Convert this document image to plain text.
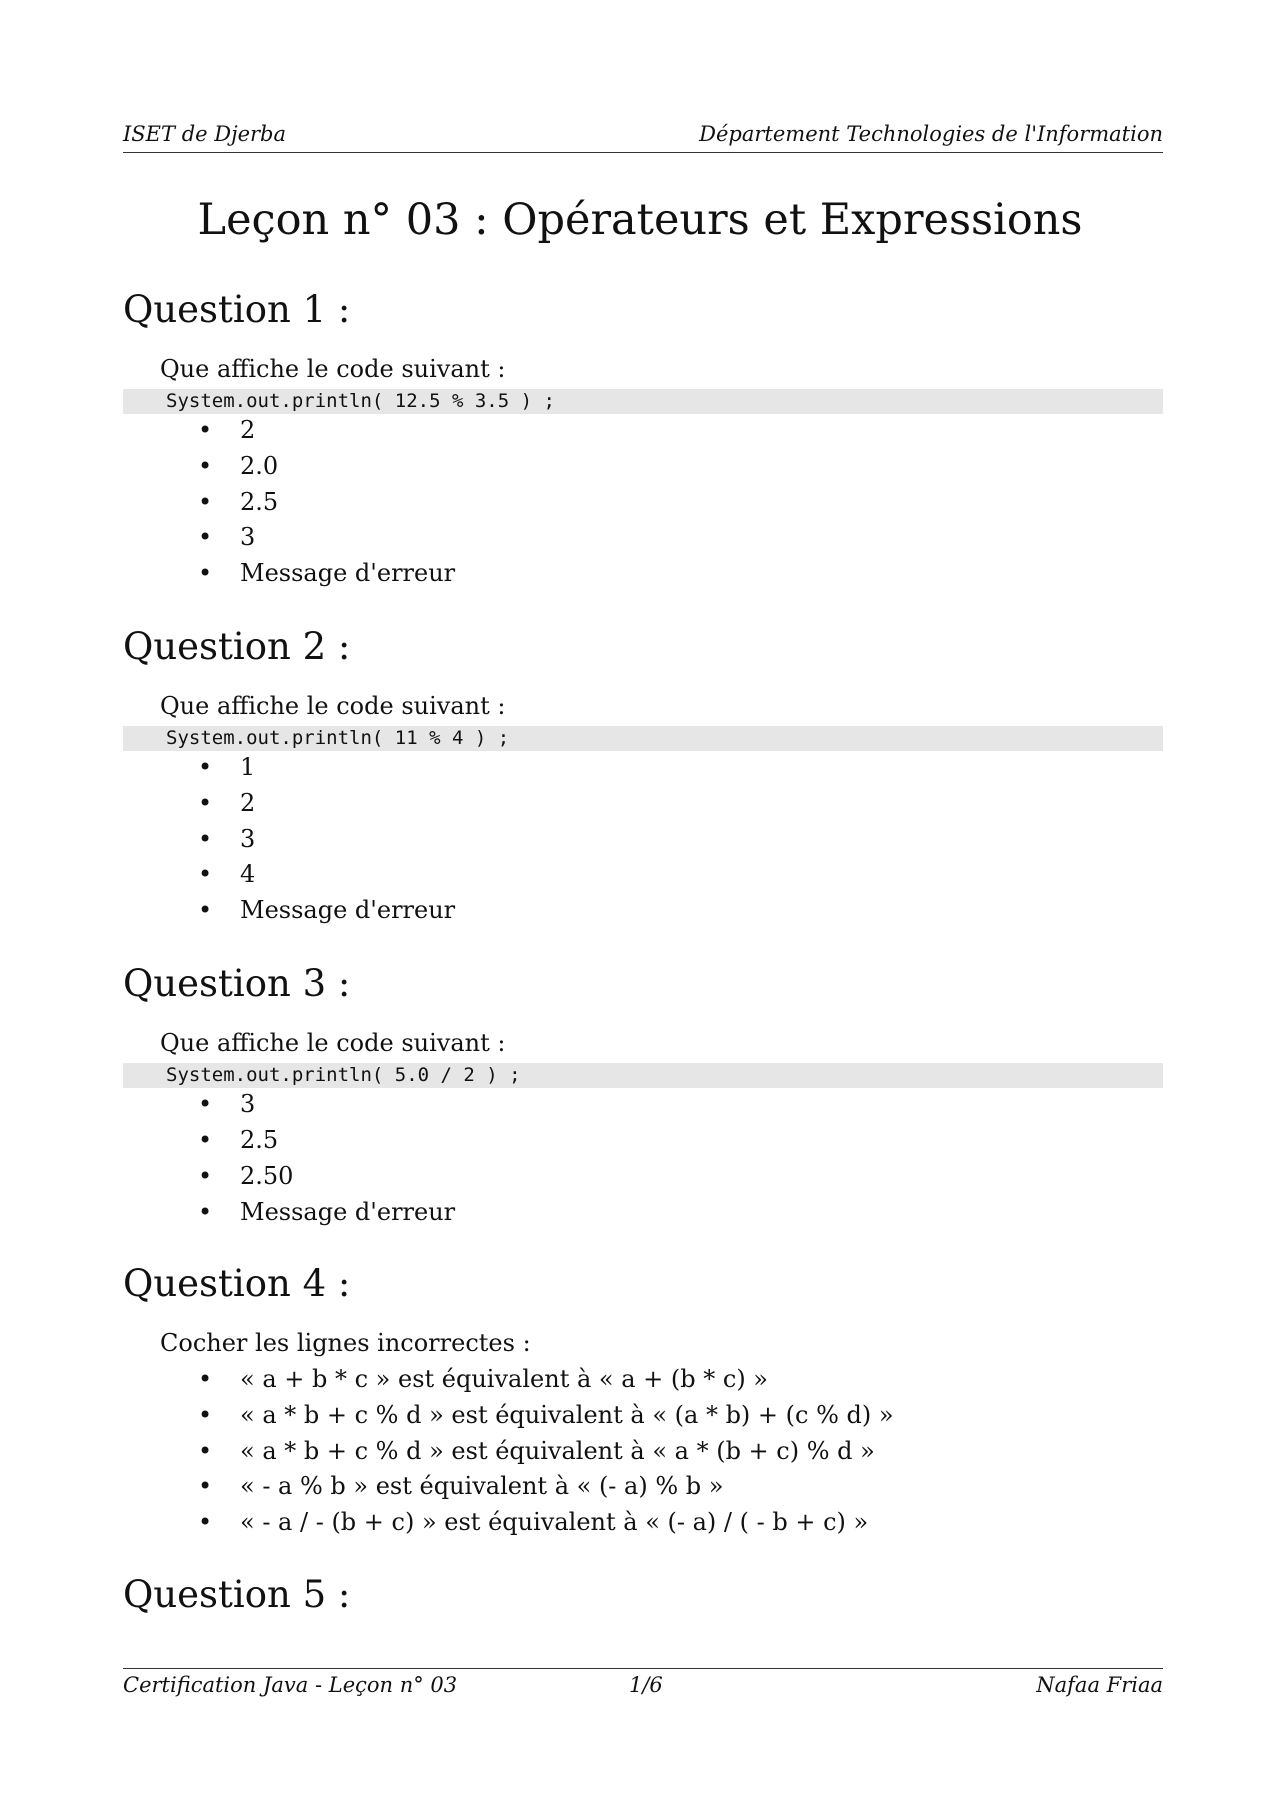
ISET de Djerba	Département Technologies de l'Information
Leçon n° 03 : Opérateurs et Expressions
Question 1 :
Que affiche le code suivant :

System.out.println( 12.5 % 3.5 ) ;

• 2
• 2.0
• 2.5
• 3
• Message d'erreur
Question 2 :
Que affiche le code suivant :

System.out.println( 11 % 4 ) ;

• 1
• 2
• 3
• 4
• Message d'erreur
Question 3 :
Que affiche le code suivant :

System.out.println( 5.0 / 2 ) ;

• 3
• 2.5
• 2.50
• Message d'erreur
Question 4 :
Cocher les lignes incorrectes :
• « a + b * c » est équivalent à « a + (b * c) »
• « a * b + c % d » est équivalent à « (a * b) + (c % d) »
• « a * b + c % d » est équivalent à « a * (b + c) % d »
• « - a % b » est équivalent à « (- a) % b »
• « - a / - (b + c) » est équivalent à « (- a) / ( - b + c) »
Question 5 :
Certification Java - Leçon n° 03	1/6	Nafaa Friaa
